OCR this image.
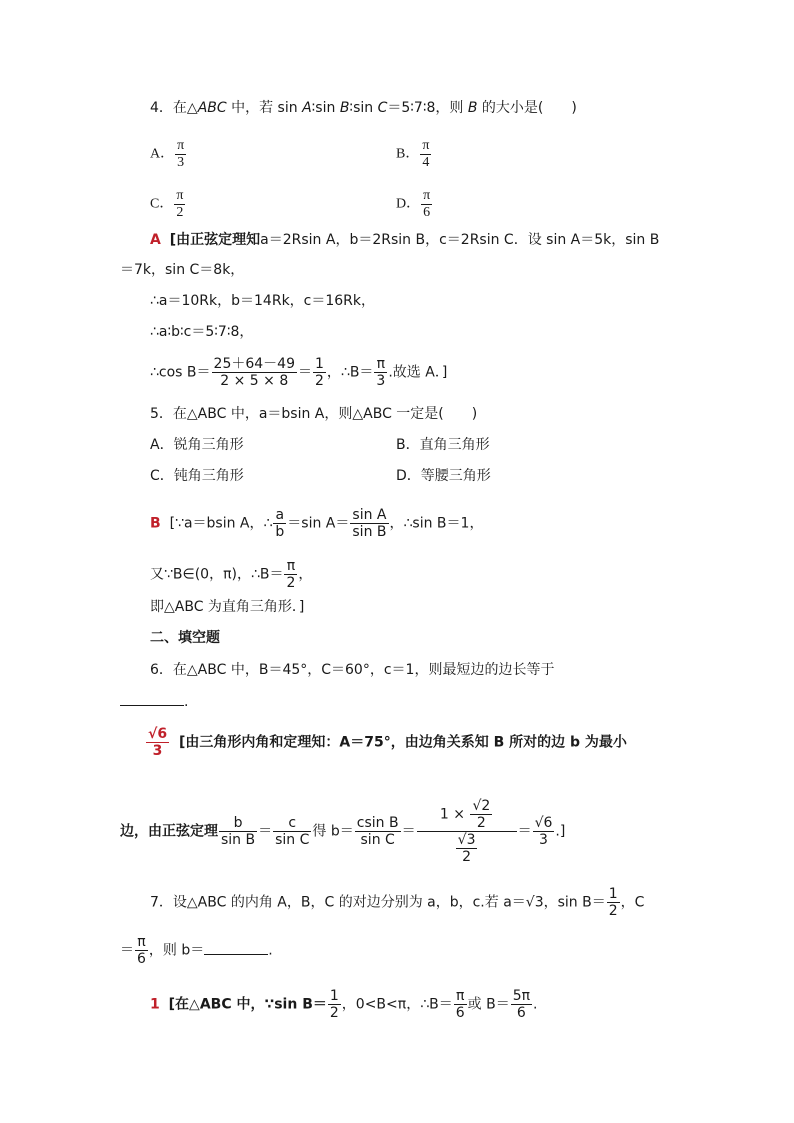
4．在△ABC 中，若 sin A∶sin B∶sin C＝5∶7∶8，则 B 的大小是(　　)
A． $\frac{\pi}{3}$	B． $\frac{\pi}{4}$
C． $\frac{\pi}{2}$	D． $\frac{\pi}{6}$
A [由正弦定理知a＝2Rsin A，b＝2Rsin B，c＝2Rsin C．设 sin A＝5k，sin B
＝7k，sin C＝8k，
∴a＝10Rk，b＝14Rk，c＝16Rk，
∴a∶b∶c＝5∶7∶8，
∴cos $B= \frac{25+64-49}{2 \times 5 \times 8} = \frac{1}{2}$ ，∴B＝ $\frac{\pi}{3}$ .故选 A．]
5．在△ABC 中，a＝bsin A，则△ABC 一定是(　　)
A．锐角三角形	B．直角三角形
C．钝角三角形	D．等腰三角形
B [∵a＝bsin A，∴ $\frac{a}{b} =\sin$ $A= \frac{\text{sin A}}{\text{sin B}}$ ，∴sin B＝1，
又∵B∈(0，π)，∴B＝ $\frac{\pi}{2}$ ，
即△ABC 为直角三角形．]
二、填空题
6．在△ABC 中，B＝45°，C＝60°，c＝1，则最短边的边长等于
.
$\frac{√6}{3}$ [由三角形内角和定理知：A＝75°，由边角关系知 B 所对的边 b 为最小
边，由正弦定理 $\frac{b}{\text{sin B}} = \frac{c}{\text{sin C}}$ 得 $b= \frac{\text{csin B}}{\text{sin C}} = \frac{1 \times \frac{√2}{2}}{\frac{√3}{2}} = \frac{√6}{3}$ .]
7．设△ABC 的内角 A，B，C 的对边分别为 a，b，c.若 a＝√3，$\sin B= \frac{1}{2}$ ，C
＝ $\frac{\pi}{6}$ ，则 b＝	.
1 [在△ABC 中，∵sin $B= \frac{1}{2}$ ，0<B<π，∴B＝ $\frac{\pi}{6}$ 或 $B= \frac{5\pi}{6}$ .
